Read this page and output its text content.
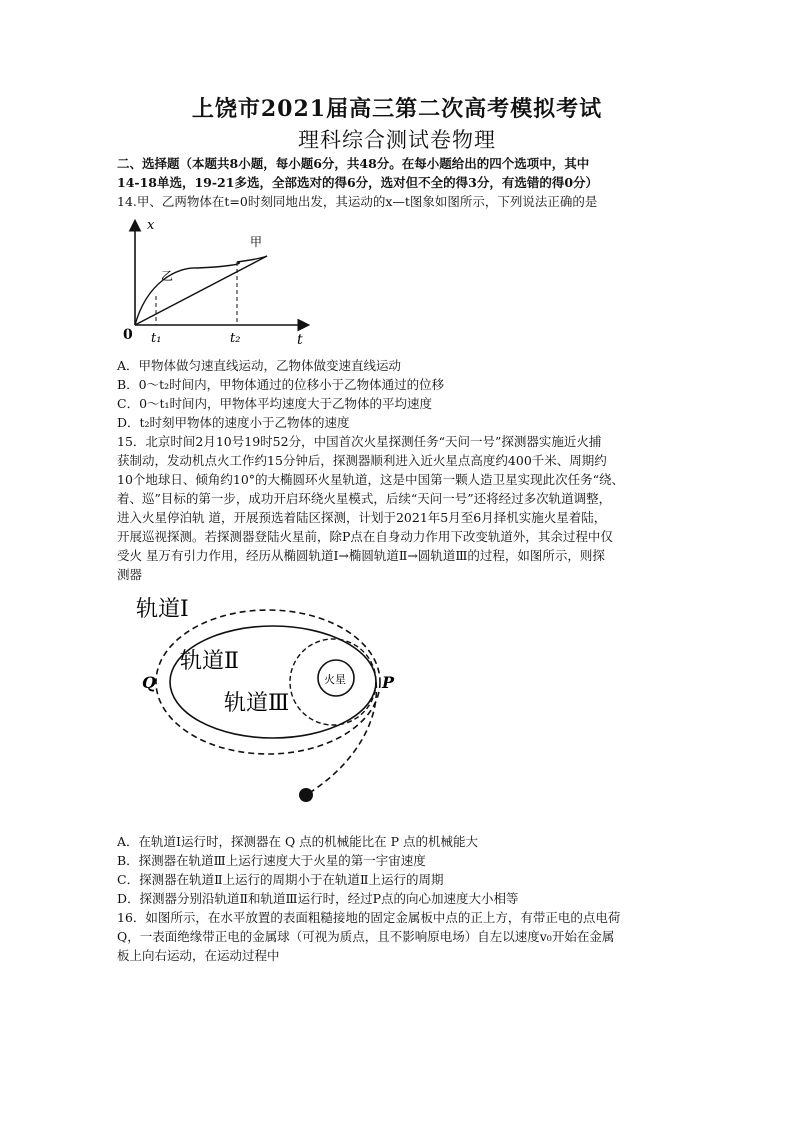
上饶市2021届高三第二次高考模拟考试
理科综合测试卷物理
二、选择题（本题共8小题，每小题6分，共48分。在每小题给出的四个选项中，其中
14-18单选，19-21多选，全部选对的得6分，选对但不全的得3分，有选错的得0分）
14.甲、乙两物体在t=0时刻同地出发，其运动的x—t图象如图所示，下列说法正确的是
x
t
0 t₁	t₂
甲
乙
A．甲物体做匀速直线运动，乙物体做变速直线运动
B．0～t₂时间内，甲物体通过的位移小于乙物体通过的位移
C．0～t₁时间内，甲物体平均速度大于乙物体的平均速度
D．t₂时刻甲物体的速度小于乙物体的速度
15．北京时间2月10号19时52分，中国首次火星探测任务“天问一号”探测器实施近火捕
获制动，发动机点火工作约15分钟后，探测器顺利进入近火星点高度约400千米、周期约
10个地球日、倾角约10°的大椭圆环火星轨道，这是中国第一颗人造卫星实现此次任务“绕、
着、巡”目标的第一步，成功开启环绕火星模式，后续“天问一号”还将经过多次轨道调整，
进入火星停泊轨 道，开展预选着陆区探测，计划于2021年5月至6月择机实施火星着陆，
开展巡视探测。若探测器登陆火星前，除P点在自身动力作用下改变轨道外，其余过程中仅
受火 星万有引力作用，经历从椭圆轨道Ⅰ→椭圆轨道Ⅱ→圆轨道Ⅲ的过程，如图所示，则探
测器
火星
轨道Ⅰ
轨道Ⅱ
轨道Ⅲ
Q	P
A．在轨道Ⅰ运行时，探测器在 Q 点的机械能比在 P 点的机械能大
B．探测器在轨道Ⅲ上运行速度大于火星的第一宇宙速度
C．探测器在轨道Ⅱ上运行的周期小于在轨道Ⅱ上运行的周期
D．探测器分别沿轨道Ⅱ和轨道Ⅲ运行时，经过P点的向心加速度大小相等
16．如图所示，在水平放置的表面粗糙接地的固定金属板中点的正上方，有带正电的点电荷
Q，一表面绝缘带正电的金属球（可视为质点，且不影响原电场）自左以速度v₀开始在金属
板上向右运动，在运动过程中
